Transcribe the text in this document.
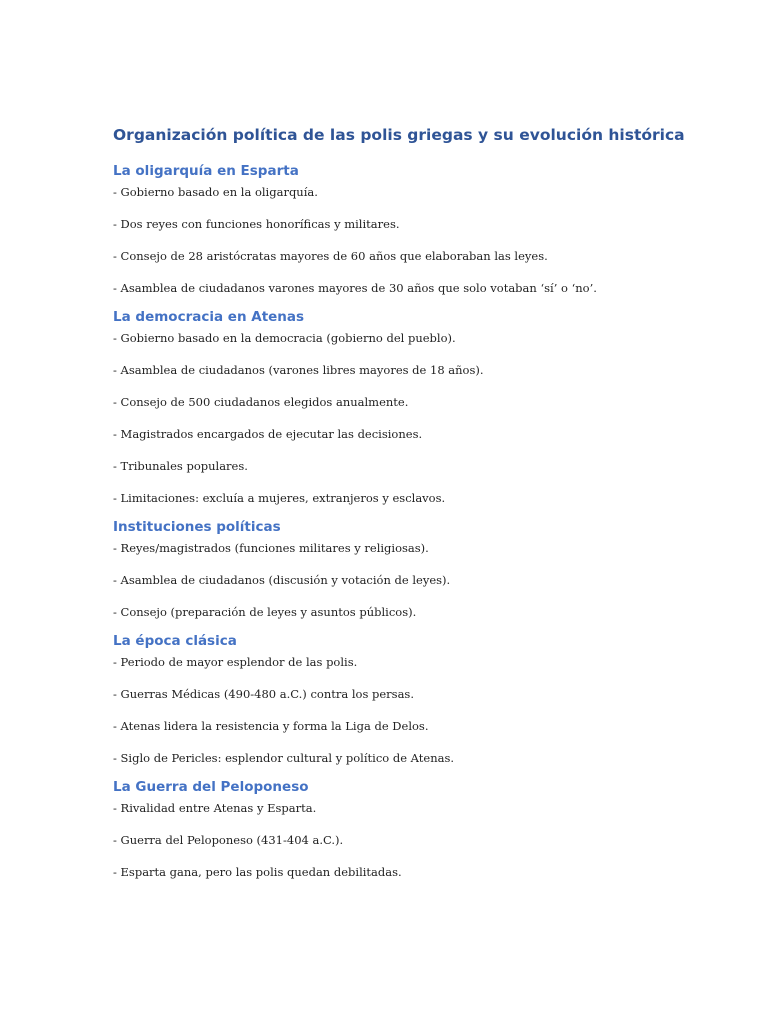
Organización política de las polis griegas y su evolución histórica
La oligarquía en Esparta

- Gobierno basado en la oligarquía.

- Dos reyes con funciones honoríficas y militares.

- Consejo de 28 aristócratas mayores de 60 años que elaboraban las leyes.

- Asamblea de ciudadanos varones mayores de 30 años que solo votaban ‘sí’ o ‘no’.

La democracia en Atenas

- Gobierno basado en la democracia (gobierno del pueblo).

- Asamblea de ciudadanos (varones libres mayores de 18 años).

- Consejo de 500 ciudadanos elegidos anualmente.

- Magistrados encargados de ejecutar las decisiones.

- Tribunales populares.

- Limitaciones: excluía a mujeres, extranjeros y esclavos.

Instituciones políticas

- Reyes/magistrados (funciones militares y religiosas).

- Asamblea de ciudadanos (discusión y votación de leyes).

- Consejo (preparación de leyes y asuntos públicos).

La época clásica

- Periodo de mayor esplendor de las polis.

- Guerras Médicas (490-480 a.C.) contra los persas.

- Atenas lidera la resistencia y forma la Liga de Delos.

- Siglo de Pericles: esplendor cultural y político de Atenas.

La Guerra del Peloponeso

- Rivalidad entre Atenas y Esparta.

- Guerra del Peloponeso (431-404 a.C.).

- Esparta gana, pero las polis quedan debilitadas.
